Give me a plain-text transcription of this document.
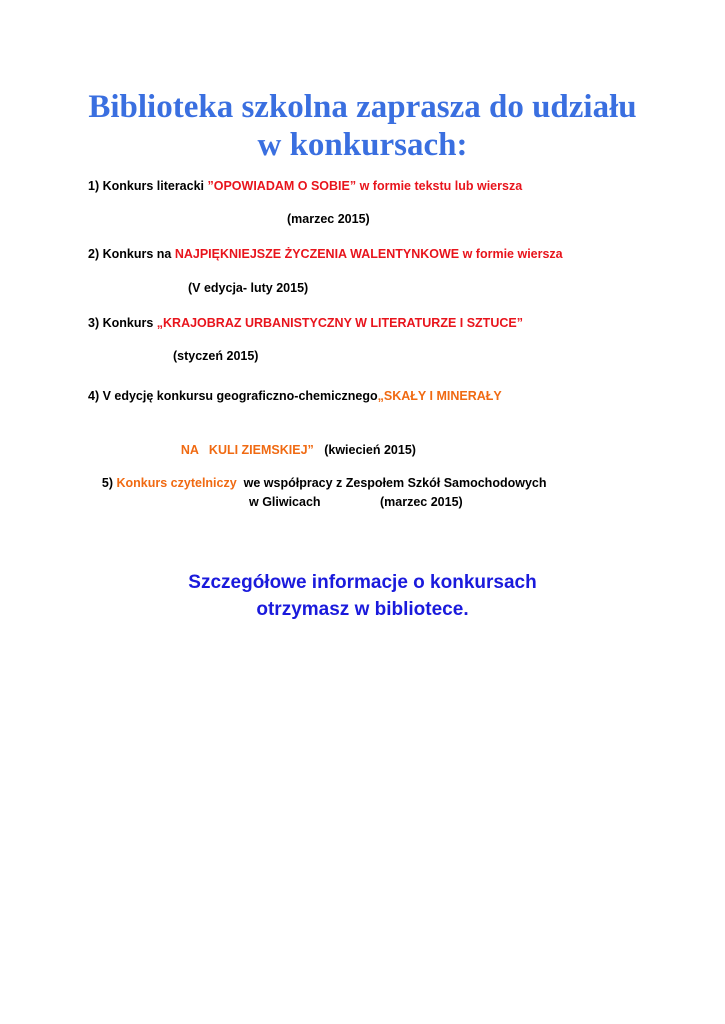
Biblioteka szkolna zaprasza do udziału
w konkursach:
1) Konkurs literacki ”OPOWIADAM O SOBIE” w formie tekstu lub wiersza
(marzec 2015)
2) Konkurs na NAJPIĘKNIEJSZE ŻYCZENIA WALENTYNKOWE w formie wiersza
(V edycja- luty 2015)
3) Konkurs „KRAJOBRAZ URBANISTYCZNY W LITERATURZE I SZTUCE”
(styczeń 2015)
4) V edycję konkursu geograficzno-chemicznego„SKAŁY I MINERAŁY

NA   KULI ZIEMSKIEJ” (kwiecień 2015)

5) Konkurs czytelniczy  we współpracy z Zespołem Szkół Samochodowych

w Gliwicach	(marzec 2015)

Szczegółowe informacje o konkursach

otrzymasz w bibliotece.
